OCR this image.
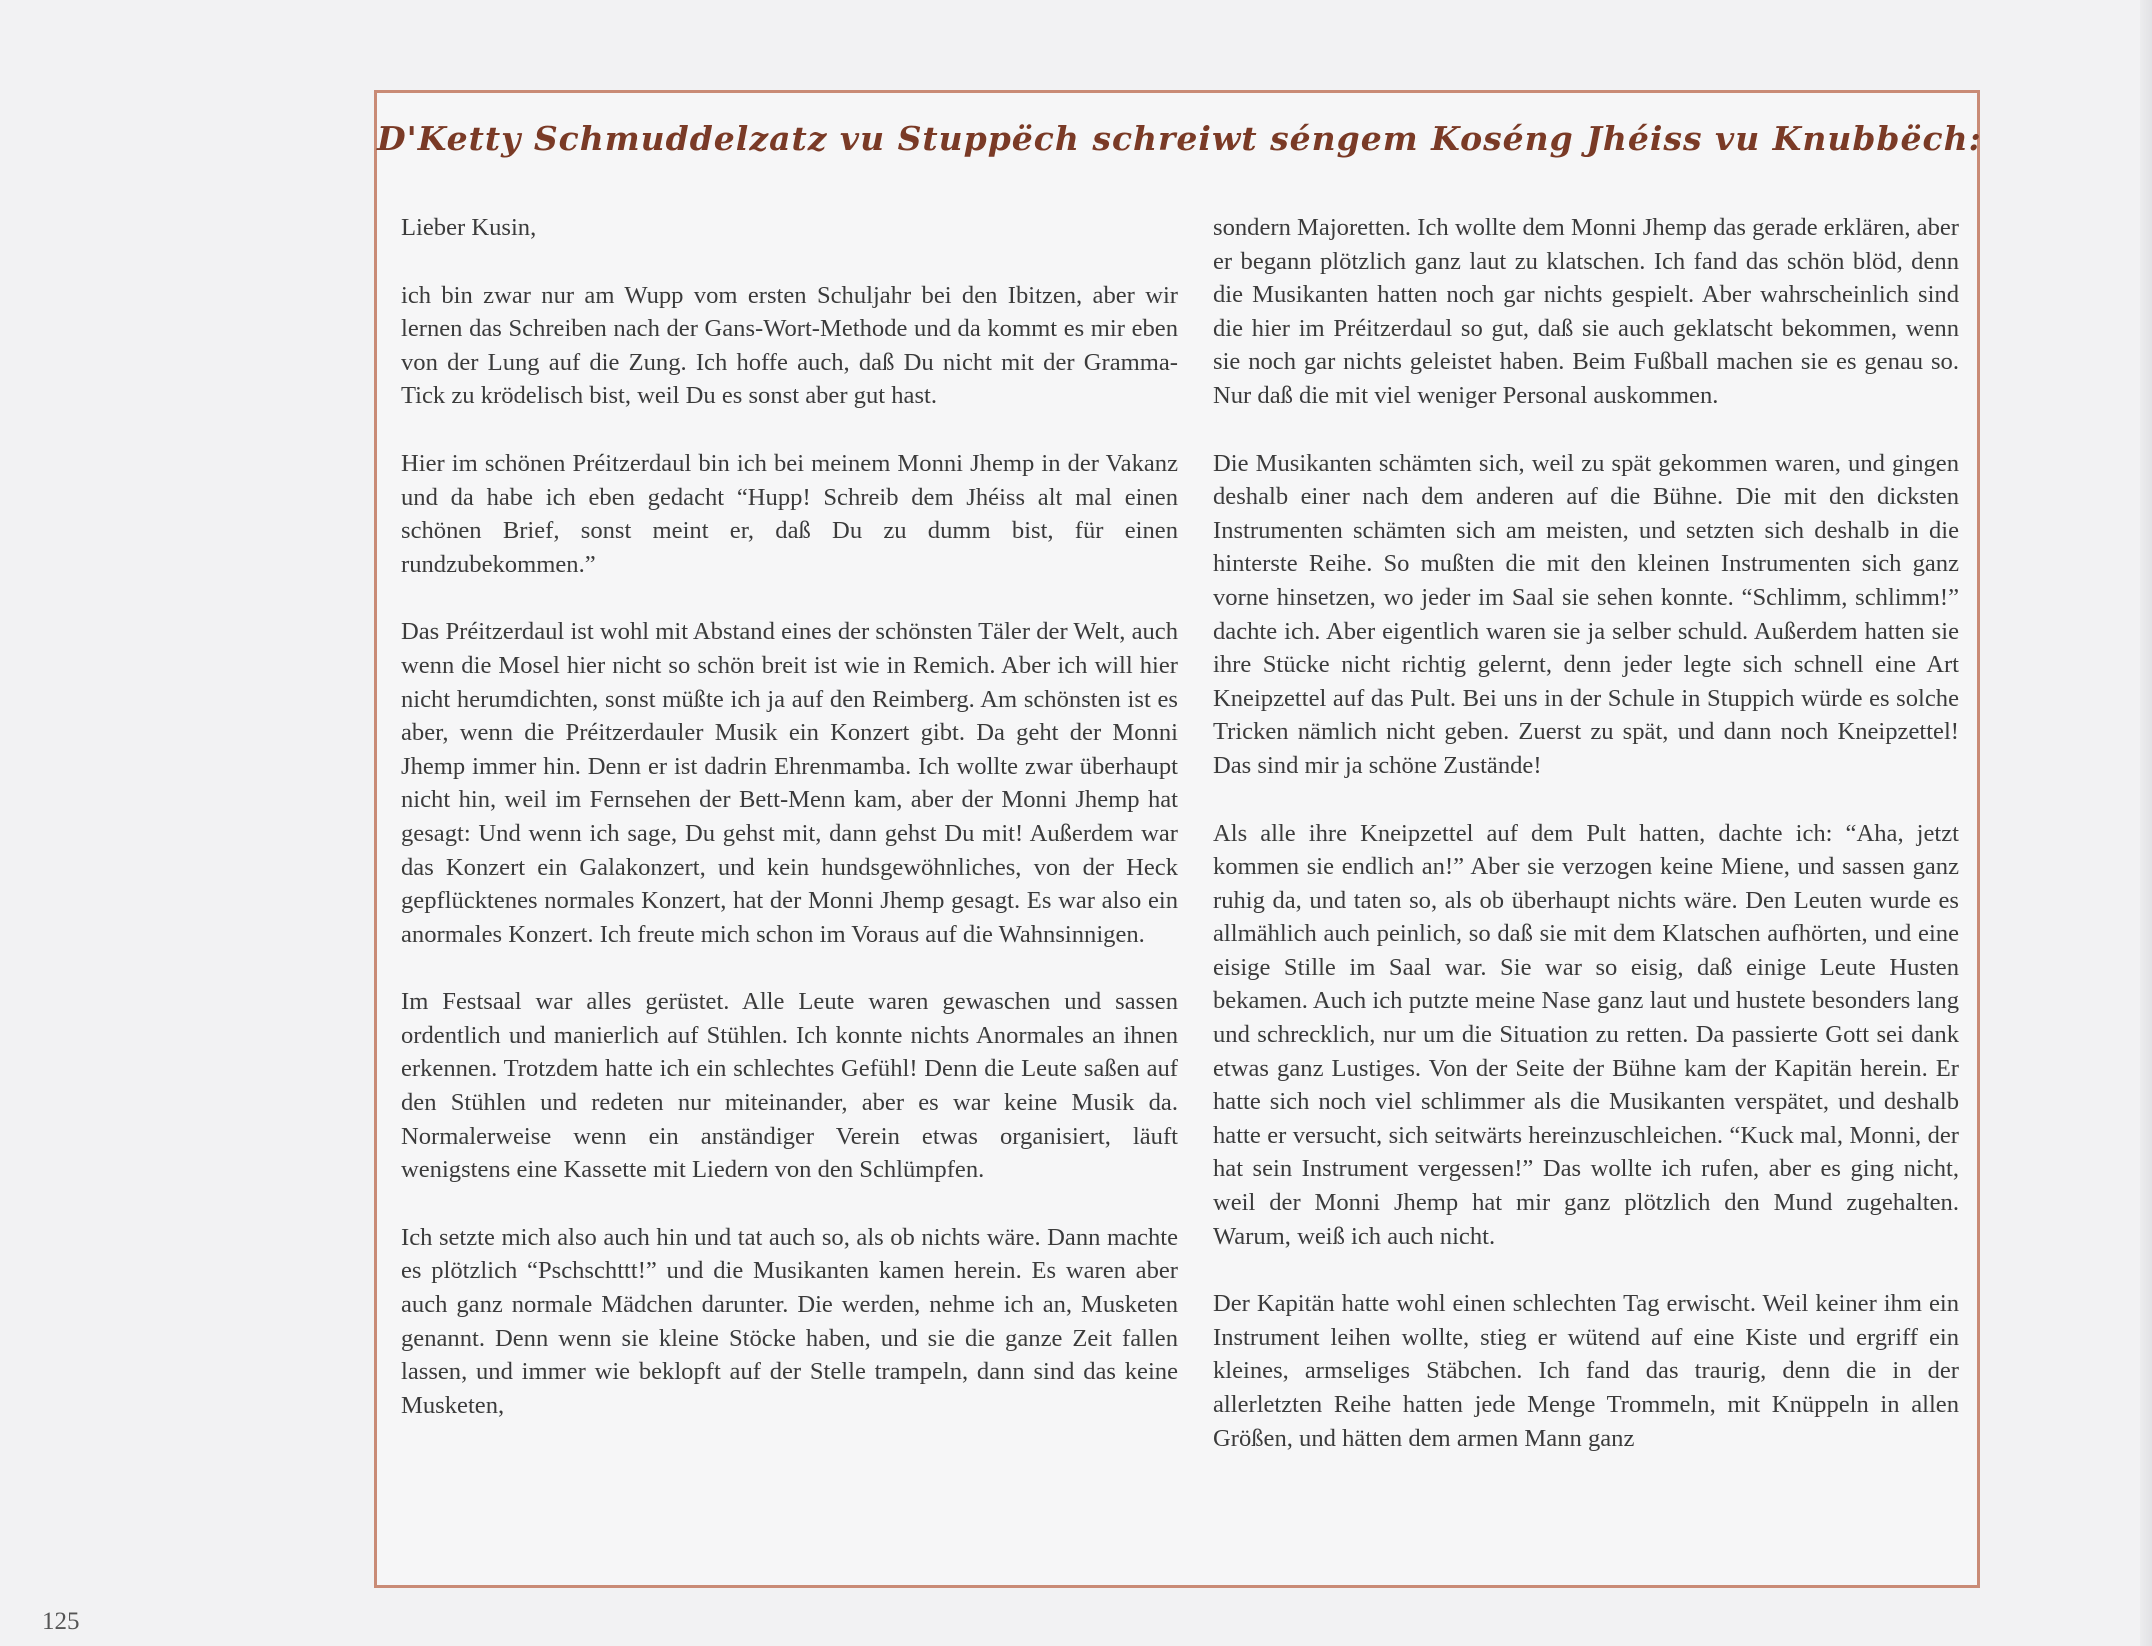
D'Ketty Schmuddelzatz vu Stuppëch schreiwt séngem Koséng Jhéiss vu Knubbëch:

Lieber Kusin,

ich bin zwar nur am Wupp vom ersten Schuljahr bei den Ibitzen, aber wir lernen das Schreiben nach der Gans-Wort-Methode und da kommt es mir eben von der Lung auf die Zung. Ich hoffe auch, daß Du nicht mit der Gramma-Tick zu krödelisch bist, weil Du es sonst aber gut hast.

Hier im schönen Préitzerdaul bin ich bei meinem Monni Jhemp in der Vakanz und da habe ich eben gedacht “Hupp! Schreib dem Jhéiss alt mal einen schönen Brief, sonst meint er, daß Du zu dumm bist, für einen rundzubekommen.”

Das Préitzerdaul ist wohl mit Abstand eines der schönsten Täler der Welt, auch wenn die Mosel hier nicht so schön breit ist wie in Remich. Aber ich will hier nicht herumdichten, sonst müßte ich ja auf den Reimberg. Am schönsten ist es aber, wenn die Préitzerdauler Musik ein Konzert gibt. Da geht der Monni Jhemp immer hin. Denn er ist dadrin Ehrenmamba. Ich wollte zwar überhaupt nicht hin, weil im Fernsehen der Bett-Menn kam, aber der Monni Jhemp hat gesagt: Und wenn ich sage, Du gehst mit, dann gehst Du mit! Außerdem war das Konzert ein Galakonzert, und kein hundsgewöhnliches, von der Heck gepflücktenes normales Konzert, hat der Monni Jhemp gesagt. Es war also ein anormales Konzert. Ich freute mich schon im Voraus auf die Wahnsinnigen.

Im Festsaal war alles gerüstet. Alle Leute waren gewaschen und sassen ordentlich und manierlich auf Stühlen. Ich konnte nichts Anormales an ihnen erkennen. Trotzdem hatte ich ein schlechtes Gefühl! Denn die Leute saßen auf den Stühlen und redeten nur miteinander, aber es war keine Musik da. Normalerweise wenn ein anständiger Verein etwas organisiert, läuft wenigstens eine Kassette mit Liedern von den Schlümpfen.

Ich setzte mich also auch hin und tat auch so, als ob nichts wäre. Dann machte es plötzlich “Pschschttt!” und die Musikanten kamen herein. Es waren aber auch ganz normale Mädchen darunter. Die werden, nehme ich an, Musketen genannt. Denn wenn sie kleine Stöcke haben, und sie die ganze Zeit fallen lassen, und immer wie beklopft auf der Stelle trampeln, dann sind das keine Musketen,

sondern Majoretten. Ich wollte dem Monni Jhemp das gerade erklären, aber er begann plötzlich ganz laut zu klatschen. Ich fand das schön blöd, denn die Musikanten hatten noch gar nichts gespielt. Aber wahrscheinlich sind die hier im Préitzerdaul so gut, daß sie auch geklatscht bekommen, wenn sie noch gar nichts geleistet haben. Beim Fußball machen sie es genau so. Nur daß die mit viel weniger Personal auskommen.

Die Musikanten schämten sich, weil zu spät gekommen waren, und gingen deshalb einer nach dem anderen auf die Bühne. Die mit den dicksten Instrumenten schämten sich am meisten, und setzten sich deshalb in die hinterste Reihe. So mußten die mit den kleinen Instrumenten sich ganz vorne hinsetzen, wo jeder im Saal sie sehen konnte. “Schlimm, schlimm!” dachte ich. Aber eigentlich waren sie ja selber schuld. Außerdem hatten sie ihre Stücke nicht richtig gelernt, denn jeder legte sich schnell eine Art Kneipzettel auf das Pult. Bei uns in der Schule in Stuppich würde es solche Tricken nämlich nicht geben. Zuerst zu spät, und dann noch Kneipzettel! Das sind mir ja schöne Zustände!

Als alle ihre Kneipzettel auf dem Pult hatten, dachte ich: “Aha, jetzt kommen sie endlich an!” Aber sie verzogen keine Miene, und sassen ganz ruhig da, und taten so, als ob überhaupt nichts wäre. Den Leuten wurde es allmählich auch peinlich, so daß sie mit dem Klatschen aufhörten, und eine eisige Stille im Saal war. Sie war so eisig, daß einige Leute Husten bekamen. Auch ich putzte meine Nase ganz laut und hustete besonders lang und schrecklich, nur um die Situation zu retten. Da passierte Gott sei dank etwas ganz Lustiges. Von der Seite der Bühne kam der Kapitän herein. Er hatte sich noch viel schlimmer als die Musikanten verspätet, und deshalb hatte er versucht, sich seitwärts hereinzuschleichen. “Kuck mal, Monni, der hat sein Instrument vergessen!” Das wollte ich rufen, aber es ging nicht, weil der Monni Jhemp hat mir ganz plötzlich den Mund zugehalten. Warum, weiß ich auch nicht.

Der Kapitän hatte wohl einen schlechten Tag erwischt. Weil keiner ihm ein Instrument leihen wollte, stieg er wütend auf eine Kiste und ergriff ein kleines, armseliges Stäbchen. Ich fand das traurig, denn die in der allerletzten Reihe hatten jede Menge Trommeln, mit Knüppeln in allen Größen, und hätten dem armen Mann ganz

125
